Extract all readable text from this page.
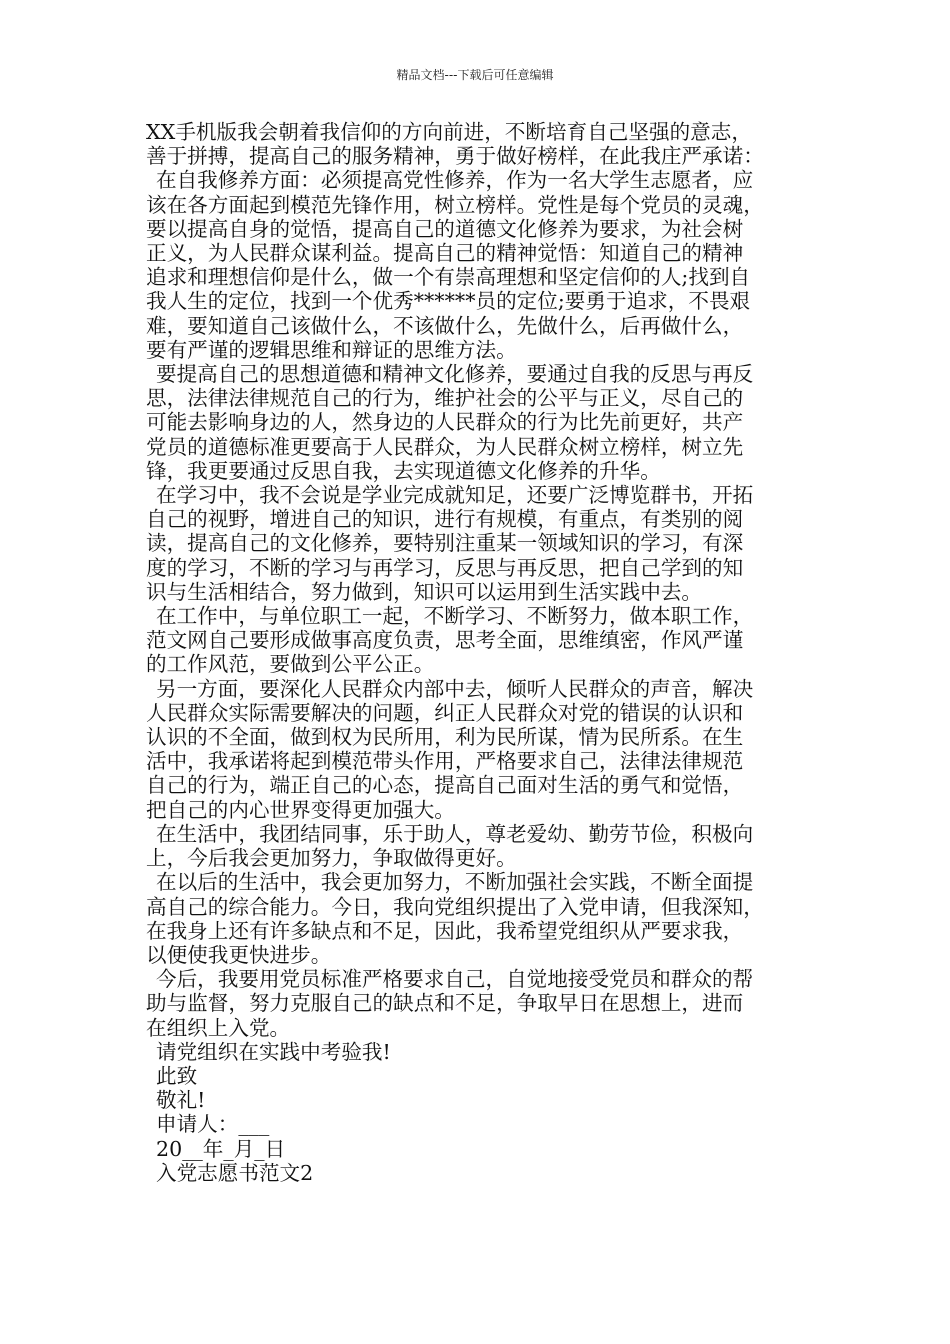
精品文档---下载后可任意编辑

XX手机版我会朝着我信仰的方向前进，不断培育自己坚强的意志，
善于拼搏，提高自己的服务精神，勇于做好榜样，在此我庄严承诺：

在自我修养方面：必须提高党性修养，作为一名大学生志愿者，应
该在各方面起到模范先锋作用，树立榜样。党性是每个党员的灵魂，
要以提高自身的觉悟，提高自己的道德文化修养为要求，为社会树
正义，为人民群众谋利益。提高自己的精神觉悟：知道自己的精神
追求和理想信仰是什么，做一个有崇高理想和坚定信仰的人;找到自
我人生的定位，找到一个优秀******员的定位;要勇于追求，不畏艰
难，要知道自己该做什么，不该做什么，先做什么，后再做什么，
要有严谨的逻辑思维和辩证的思维方法。

要提高自己的思想道德和精神文化修养，要通过自我的反思与再反
思，法律法律规范自己的行为，维护社会的公平与正义，尽自己的
可能去影响身边的人，然身边的人民群众的行为比先前更好，共产
党员的道德标准更要高于人民群众，为人民群众树立榜样，树立先
锋，我更要通过反思自我，去实现道德文化修养的升华。

在学习中，我不会说是学业完成就知足，还要广泛博览群书，开拓
自己的视野，增进自己的知识，进行有规模，有重点，有类别的阅
读，提高自己的文化修养，要特别注重某一领域知识的学习，有深
度的学习，不断的学习与再学习，反思与再反思，把自己学到的知
识与生活相结合，努力做到，知识可以运用到生活实践中去。

在工作中，与单位职工一起，不断学习、不断努力，做本职工作，
范文网自己要形成做事高度负责，思考全面，思维缜密，作风严谨
的工作风范，要做到公平公正。

另一方面，要深化人民群众内部中去，倾听人民群众的声音，解决
人民群众实际需要解决的问题，纠正人民群众对党的错误的认识和
认识的不全面，做到权为民所用，利为民所谋，情为民所系。在生
活中，我承诺将起到模范带头作用，严格要求自己，法律法律规范
自己的行为，端正自己的心态，提高自己面对生活的勇气和觉悟，
把自己的内心世界变得更加强大。

在生活中，我团结同事，乐于助人，尊老爱幼、勤劳节俭，积极向
上，今后我会更加努力，争取做得更好。

在以后的生活中，我会更加努力，不断加强社会实践，不断全面提
高自己的综合能力。今日，我向党组织提出了入党申请，但我深知，
在我身上还有许多缺点和不足，因此，我希望党组织从严要求我，
以便使我更快进步。

今后，我要用党员标准严格要求自己，自觉地接受党员和群众的帮
助与监督，努力克服自己的缺点和不足，争取早日在思想上，进而
在组织上入党。

请党组织在实践中考验我!

此致

敬礼!

申请人：___

20__年_月_日

入党志愿书范文2
